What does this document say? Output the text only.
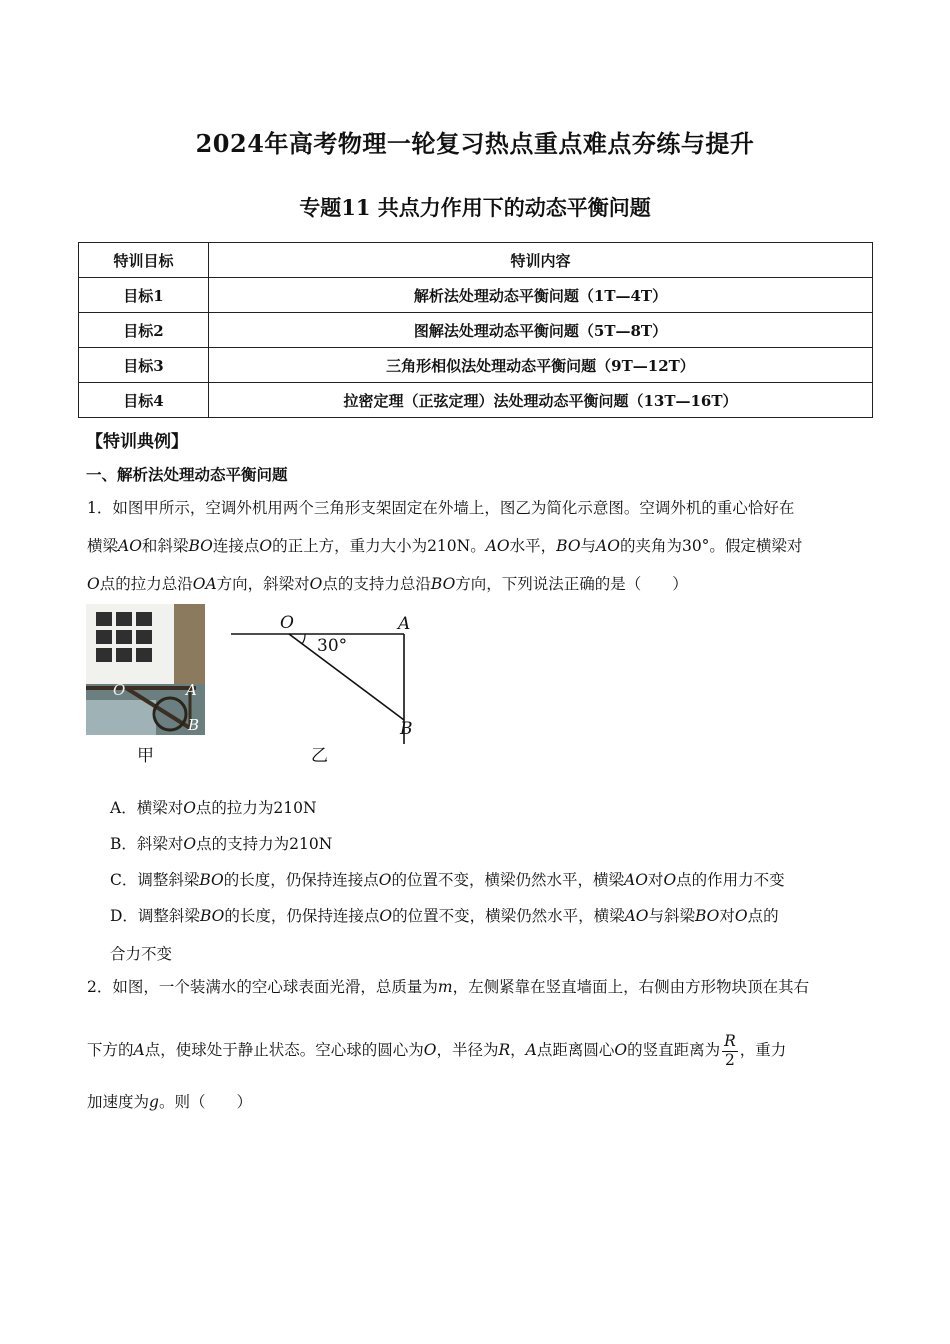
2024年高考物理一轮复习热点重点难点夯练与提升
专题11 共点力作用下的动态平衡问题
特训目标	特训内容
目标1	解析法处理动态平衡问题（1T—4T）
目标2	图解法处理动态平衡问题（5T—8T）
目标3	三角形相似法处理动态平衡问题（9T—12T）
目标4	拉密定理（正弦定理）法处理动态平衡问题（13T—16T）
【特训典例】
一、解析法处理动态平衡问题
1．如图甲所示，空调外机用两个三角形支架固定在外墙上，图乙为简化示意图。空调外机的重心恰好在
横梁AO和斜梁BO连接点O的正上方，重力大小为210N。AO水平，BO与AO的夹角为30°。假定横梁对
O点的拉力总沿OA方向，斜梁对O点的支持力总沿BO方向，下列说法正确的是（　　）
O	A
B
甲
O	A
B
30°
乙
A．横梁对O点的拉力为210N
B．斜梁对O点的支持力为210N
C．调整斜梁BO的长度，仍保持连接点O的位置不变，横梁仍然水平，横梁AO对O点的作用力不变
D．调整斜梁BO的长度，仍保持连接点O的位置不变，横梁仍然水平，横梁AO与斜梁BO对O点的
合力不变
2．如图，一个装满水的空心球表面光滑，总质量为m，左侧紧靠在竖直墙面上，右侧由方形物块顶在其右
下方的A点，使球处于静止状态。空心球的圆心为O，半径为R，A点距离圆心O的竖直距离为 $\frac{R}{2}$ ，重力
加速度为g。则（　　）
